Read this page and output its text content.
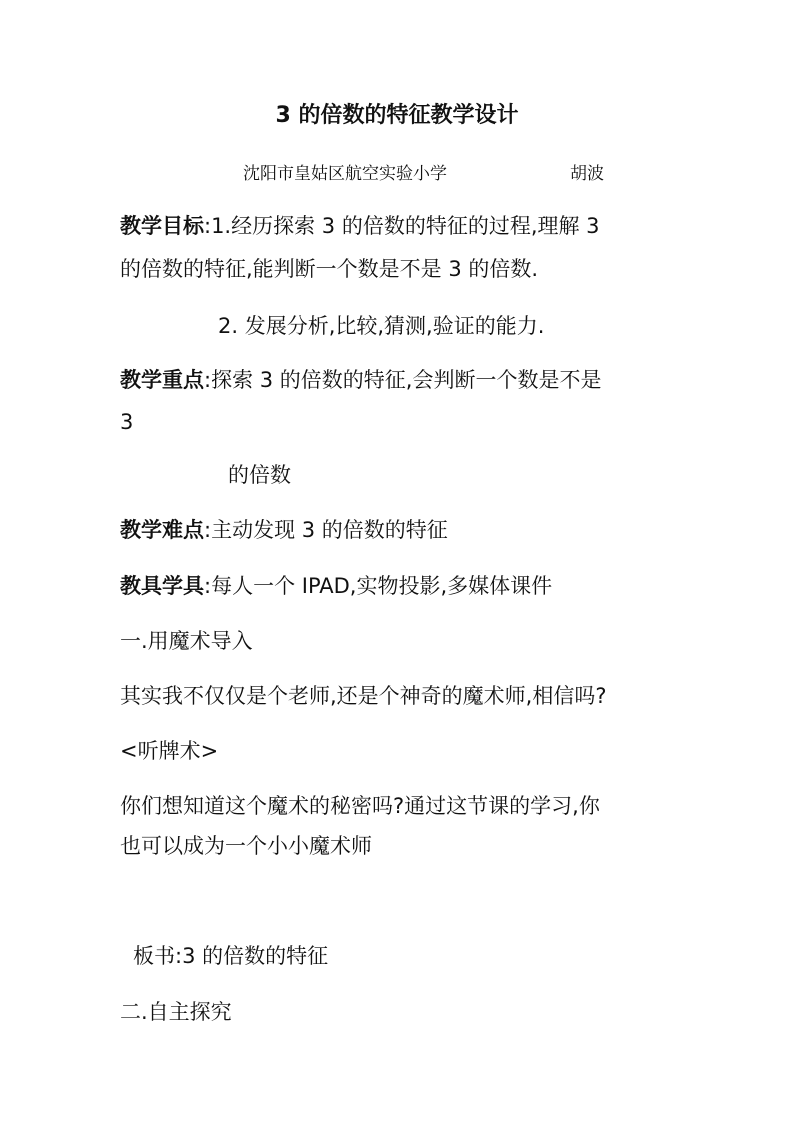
3 的倍数的特征教学设计
沈阳市皇姑区航空实验小学	胡波
教学目标:1.经历探索 3 的倍数的特征的过程,理解 3
的倍数的特征,能判断一个数是不是 3 的倍数.
2. 发展分析,比较,猜测,验证的能力.
教学重点:探索 3 的倍数的特征,会判断一个数是不是
3
的倍数
教学难点:主动发现 3 的倍数的特征
教具学具:每人一个 IPAD,实物投影,多媒体课件
一.用魔术导入
其实我不仅仅是个老师,还是个神奇的魔术师,相信吗?
<听牌术>
你们想知道这个魔术的秘密吗?通过这节课的学习,你
也可以成为一个小小魔术师
板书:3 的倍数的特征
二.自主探究
